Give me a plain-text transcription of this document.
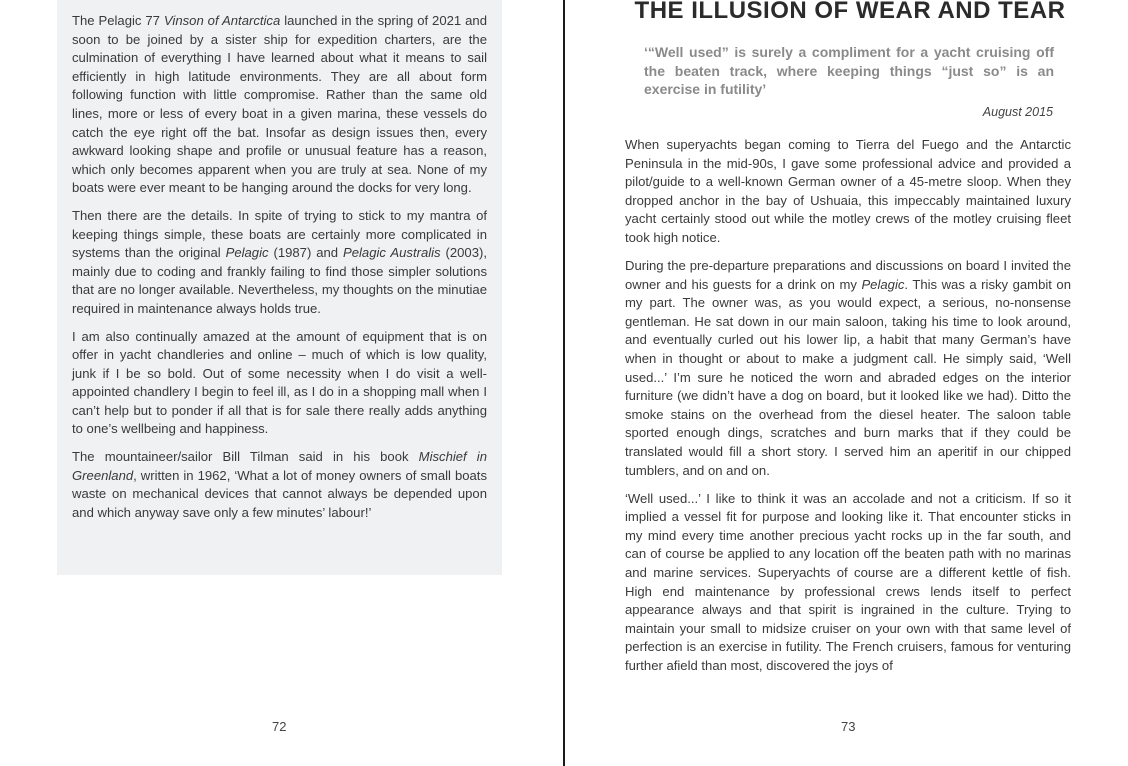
The Pelagic 77 Vinson of Antarctica launched in the spring of 2021 and soon to be joined by a sister ship for expedition charters, are the culmination of everything I have learned about what it means to sail efficiently in high latitude environments. They are all about form following function with little compromise. Rather than the same old lines, more or less of every boat in a given marina, these vessels do catch the eye right off the bat. Insofar as design issues then, every awkward looking shape and profile or unusual feature has a reason, which only becomes apparent when you are truly at sea. None of my boats were ever meant to be hanging around the docks for very long.

Then there are the details. In spite of trying to stick to my mantra of keeping things simple, these boats are certainly more complicated in systems than the original Pelagic (1987) and Pelagic Australis (2003), mainly due to coding and frankly failing to find those simpler solutions that are no longer available. Nevertheless, my thoughts on the minutiae required in maintenance always holds true.

I am also continually amazed at the amount of equipment that is on offer in yacht chandleries and online – much of which is low quality, junk if I be so bold. Out of some necessity when I do visit a well-appointed chandlery I begin to feel ill, as I do in a shopping mall when I can’t help but to ponder if all that is for sale there really adds anything to one’s wellbeing and happiness.

The mountaineer/sailor Bill Tilman said in his book Mischief in Greenland, written in 1962, ‘What a lot of money owners of small boats waste on mechanical devices that cannot always be depended upon and which anyway save only a few minutes’ labour!’

72

THE ILLUSION OF WEAR AND TEAR

‘“Well used” is surely a compliment for a yacht cruising off the beaten track, where keeping things “just so” is an exercise in futility’

August 2015

When superyachts began coming to Tierra del Fuego and the Antarctic Peninsula in the mid-90s, I gave some professional advice and provided a pilot/guide to a well-known German owner of a 45-metre sloop. When they dropped anchor in the bay of Ushuaia, this impeccably maintained luxury yacht certainly stood out while the motley crews of the motley cruising fleet took high notice.

During the pre-departure preparations and discussions on board I invited the owner and his guests for a drink on my Pelagic. This was a risky gambit on my part. The owner was, as you would expect, a serious, no-nonsense gentleman. He sat down in our main saloon, taking his time to look around, and eventually curled out his lower lip, a habit that many German’s have when in thought or about to make a judgment call. He simply said, ‘Well used...’ I’m sure he noticed the worn and abraded edges on the interior furniture (we didn’t have a dog on board, but it looked like we had). Ditto the smoke stains on the overhead from the diesel heater. The saloon table sported enough dings, scratches and burn marks that if they could be translated would fill a short story. I served him an aperitif in our chipped tumblers, and on and on.

‘Well used...’ I like to think it was an accolade and not a criticism. If so it implied a vessel fit for purpose and looking like it. That encounter sticks in my mind every time another precious yacht rocks up in the far south, and can of course be applied to any location off the beaten path with no marinas and marine services. Superyachts of course are a different kettle of fish. High end maintenance by professional crews lends itself to perfect appearance always and that spirit is ingrained in the culture. Trying to maintain your small to midsize cruiser on your own with that same level of perfection is an exercise in futility. The French cruisers, famous for venturing further afield than most, discovered the joys of

73
